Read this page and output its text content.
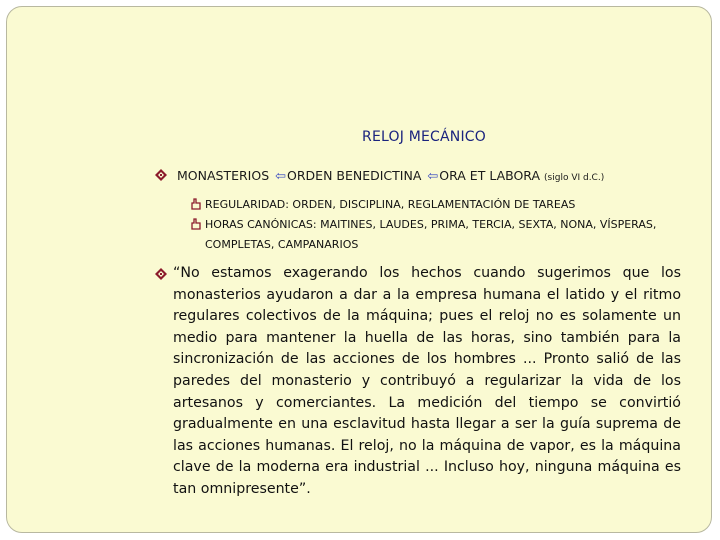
RELOJ MECÁNICO
MONASTERIOS ⇦ORDEN BENEDICTINA ⇦ORA ET LABORA (siglo VI d.C.)
REGULARIDAD: ORDEN, DISCIPLINA, REGLAMENTACIÓN DE TAREAS
HORAS CANÓNICAS: MAITINES, LAUDES, PRIMA, TERCIA, SEXTA, NONA, VÍSPERAS, COMPLETAS, CAMPANARIOS
“No estamos exagerando los hechos cuando sugerimos que los monasterios ayudaron a dar a la empresa humana el latido y el ritmo regulares colectivos de la máquina; pues el reloj no es solamente un medio para mantener la huella de las horas, sino también para la sincronización de las acciones de los hombres ... Pronto salió de las paredes del monasterio y contribuyó a regularizar la vida de los artesanos y comerciantes. La medición del tiempo se convirtió gradualmente en una esclavitud hasta llegar a ser la guía suprema de las acciones humanas. El reloj, no la máquina de vapor, es la máquina clave de la moderna era industrial ... Incluso hoy, ninguna máquina es tan omnipresente”.
